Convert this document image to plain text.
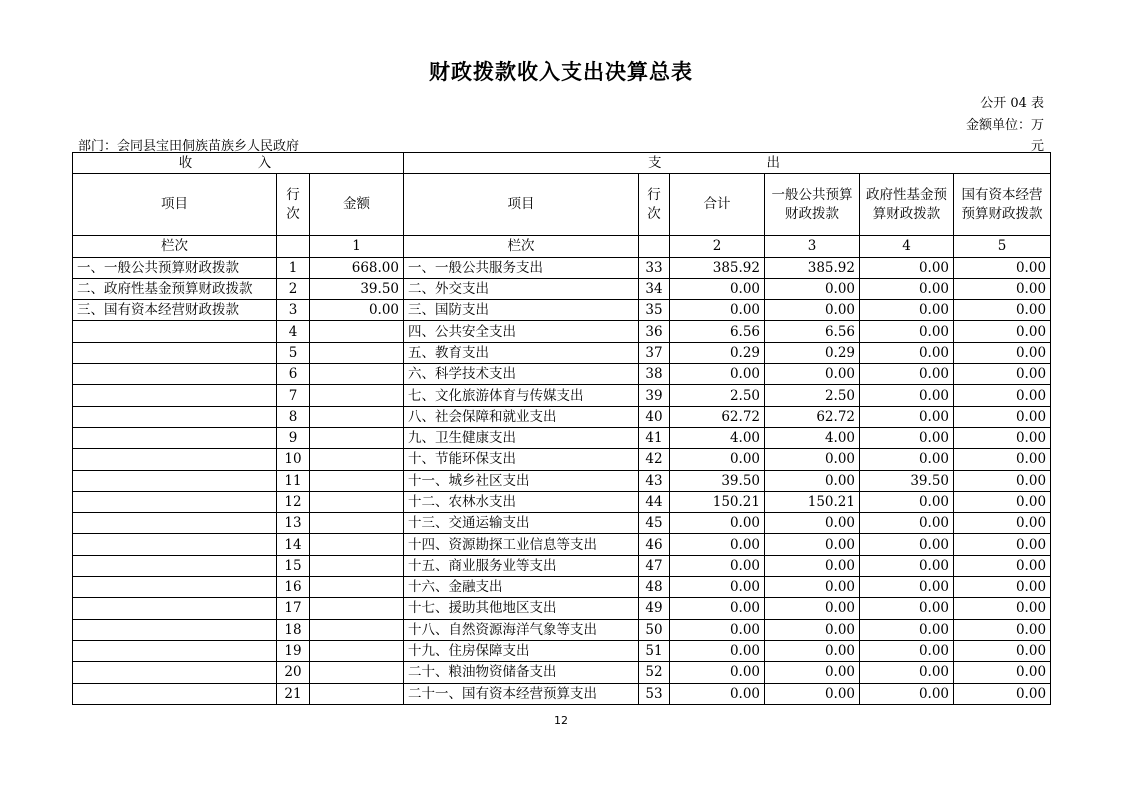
财政拨款收入支出决算总表
公开 04 表
金额单位：万
元
部门：会同县宝田侗族苗族乡人民政府
收　入			支　　出					
项目	行次	金额	项目	行次	合计	一般公共预算财政拨款	政府性基金预算财政拨款	国有资本经营预算财政拨款
栏次		1	栏次		2	3	4	5
一、一般公共预算财政拨款	1	668.00	一、一般公共服务支出	33	385.92	385.92	0.00	0.00
二、政府性基金预算财政拨款	2	39.50	二、外交支出	34	0.00	0.00	0.00	0.00
三、国有资本经营财政拨款	3	0.00	三、国防支出	35	0.00	0.00	0.00	0.00
	4		四、公共安全支出	36	6.56	6.56	0.00	0.00
	5		五、教育支出	37	0.29	0.29	0.00	0.00
	6		六、科学技术支出	38	0.00	0.00	0.00	0.00
	7		七、文化旅游体育与传媒支出	39	2.50	2.50	0.00	0.00
	8		八、社会保障和就业支出	40	62.72	62.72	0.00	0.00
	9		九、卫生健康支出	41	4.00	4.00	0.00	0.00
	10		十、节能环保支出	42	0.00	0.00	0.00	0.00
	11		十一、城乡社区支出	43	39.50	0.00	39.50	0.00
	12		十二、农林水支出	44	150.21	150.21	0.00	0.00
	13		十三、交通运输支出	45	0.00	0.00	0.00	0.00
	14		十四、资源勘探工业信息等支出	46	0.00	0.00	0.00	0.00
	15		十五、商业服务业等支出	47	0.00	0.00	0.00	0.00
	16		十六、金融支出	48	0.00	0.00	0.00	0.00
	17		十七、援助其他地区支出	49	0.00	0.00	0.00	0.00
	18		十八、自然资源海洋气象等支出	50	0.00	0.00	0.00	0.00
	19		十九、住房保障支出	51	0.00	0.00	0.00	0.00
	20		二十、粮油物资储备支出	52	0.00	0.00	0.00	0.00
	21		二十一、国有资本经营预算支出	53	0.00	0.00	0.00	0.00
12
